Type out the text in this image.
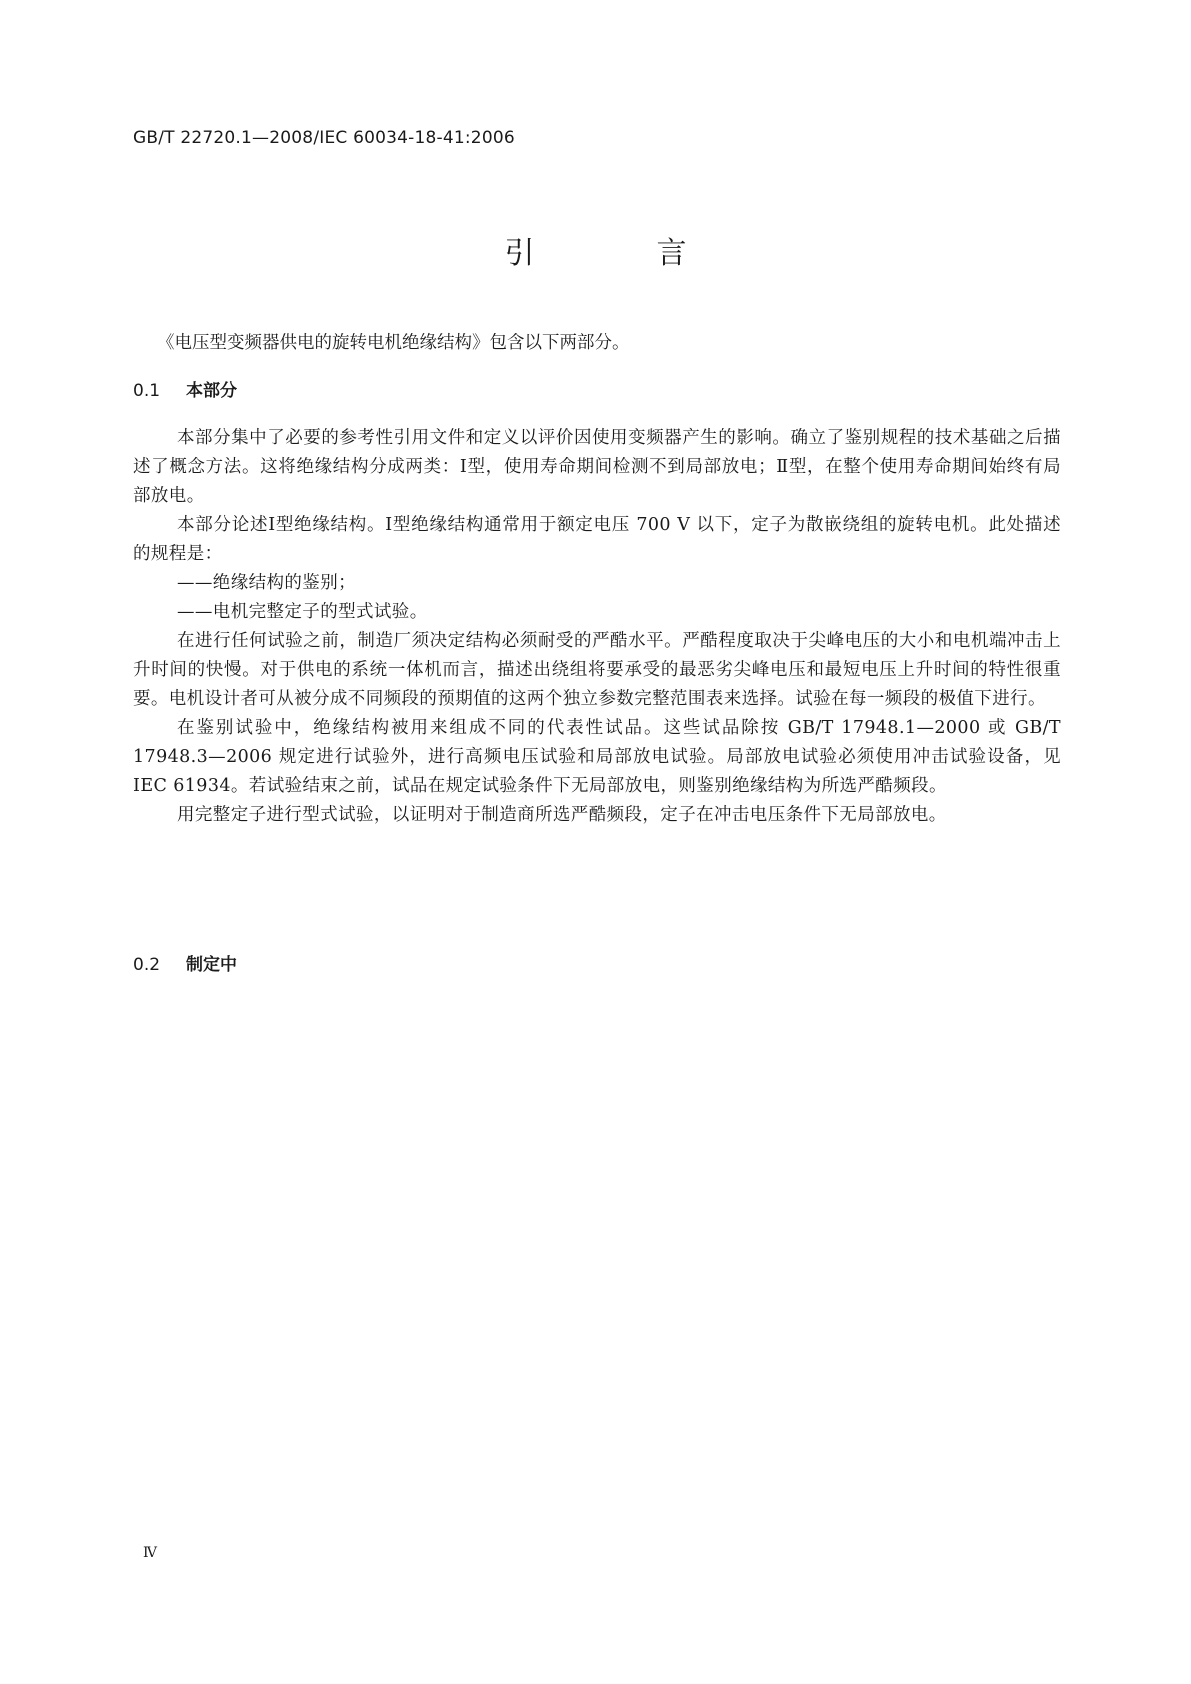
GB/T 22720.1—2008/IEC 60034-18-41:2006
引　言
《电压型变频器供电的旋转电机绝缘结构》包含以下两部分。
0.1 本部分

本部分集中了必要的参考性引用文件和定义以评价因使用变频器产生的影响。确立了鉴别规程的技术基础之后描述了概念方法。这将绝缘结构分成两类：Ⅰ型，使用寿命期间检测不到局部放电；Ⅱ型，在整个使用寿命期间始终有局部放电。

本部分论述Ⅰ型绝缘结构。Ⅰ型绝缘结构通常用于额定电压 700 V 以下，定子为散嵌绕组的旋转电机。此处描述的规程是：

——绝缘结构的鉴别；

——电机完整定子的型式试验。

在进行任何试验之前，制造厂须决定结构必须耐受的严酷水平。严酷程度取决于尖峰电压的大小和电机端冲击上升时间的快慢。对于供电的系统一体机而言，描述出绕组将要承受的最恶劣尖峰电压和最短电压上升时间的特性很重要。电机设计者可从被分成不同频段的预期值的这两个独立参数完整范围表来选择。试验在每一频段的极值下进行。

在鉴别试验中，绝缘结构被用来组成不同的代表性试品。这些试品除按 GB/T 17948.1—2000 或 GB/T 17948.3—2006 规定进行试验外，进行高频电压试验和局部放电试验。局部放电试验必须使用冲击试验设备，见 IEC 61934。若试验结束之前，试品在规定试验条件下无局部放电，则鉴别绝缘结构为所选严酷频段。

用完整定子进行型式试验，以证明对于制造商所选严酷频段，定子在冲击电压条件下无局部放电。

0.2 制定中
Ⅳ
